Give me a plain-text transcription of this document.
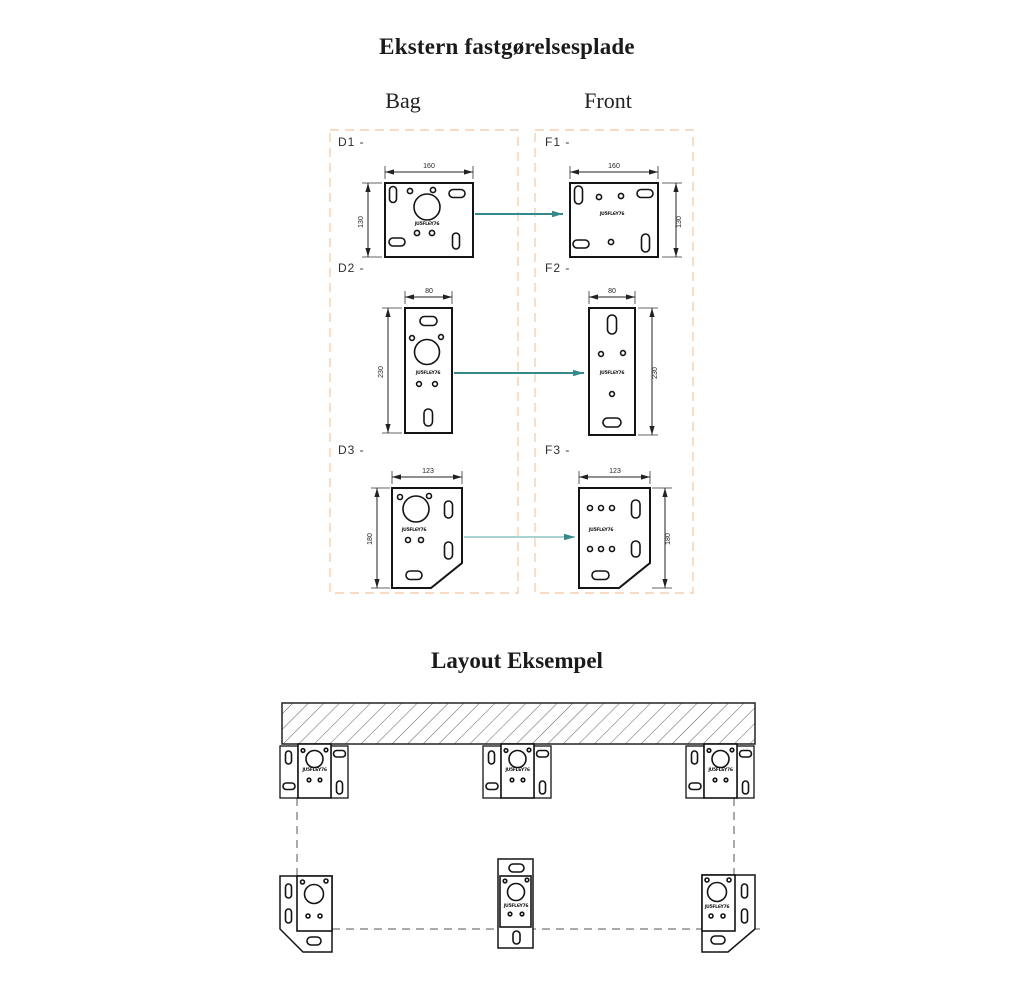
Ekstern fastgørelsesplade
Bag	Front
Layout Eksempel
D1 -	F1 -
D2 -	F2 -
D3 -	F3 -
JU5FL6Y76
160
130
JU5FL6Y76
160
130
JU5FL6Y76
80
230	JU5FL6Y76
80
230
JU5FL6Y76
123
180
JU5FL6Y76
123
180
JU5FL6Y76	JU5FL6Y76	JU5FL6Y76
JU5FL6Y76	JU5FL6Y76
